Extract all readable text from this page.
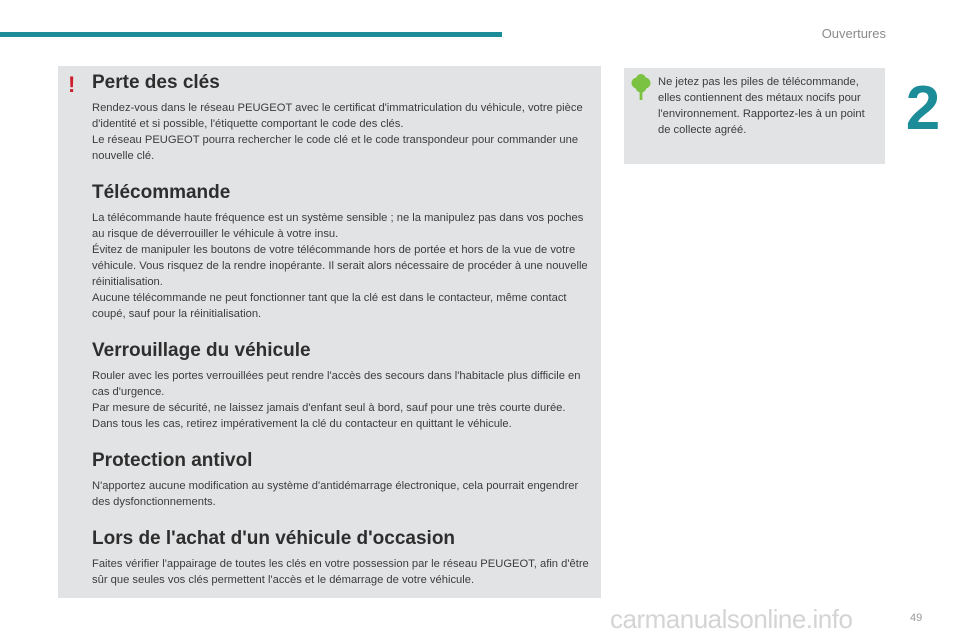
Ouvertures
2
! Perte des clés

Rendez-vous dans le réseau PEUGEOT avec le certificat d'immatriculation du véhicule, votre pièce d'identité et si possible, l'étiquette comportant le code des clés.

Le réseau PEUGEOT pourra rechercher le code clé et le code transpondeur pour commander une nouvelle clé.

Télécommande

La télécommande haute fréquence est un système sensible ; ne la manipulez pas dans vos poches au risque de déverrouiller le véhicule à votre insu.

Évitez de manipuler les boutons de votre télécommande hors de portée et hors de la vue de votre véhicule. Vous risquez de la rendre inopérante. Il serait alors nécessaire de procéder à une nouvelle réinitialisation.

Aucune télécommande ne peut fonctionner tant que la clé est dans le contacteur, même contact coupé, sauf pour la réinitialisation.

Verrouillage du véhicule

Rouler avec les portes verrouillées peut rendre l'accès des secours dans l'habitacle plus difficile en cas d'urgence.

Par mesure de sécurité, ne laissez jamais d'enfant seul à bord, sauf pour une très courte durée.

Dans tous les cas, retirez impérativement la clé du contacteur en quittant le véhicule.

Protection antivol

N'apportez aucune modification au système d'antidémarrage électronique, cela pourrait engendrer des dysfonctionnements.

Lors de l'achat d'un véhicule d'occasion

Faites vérifier l'appairage de toutes les clés en votre possession par le réseau PEUGEOT, afin d'être sûr que seules vos clés permettent l'accès et le démarrage de votre véhicule.

Ne jetez pas les piles de télécommande, elles contiennent des métaux nocifs pour l'environnement. Rapportez-les à un point de collecte agréé.

carmanualsonline.info	49
